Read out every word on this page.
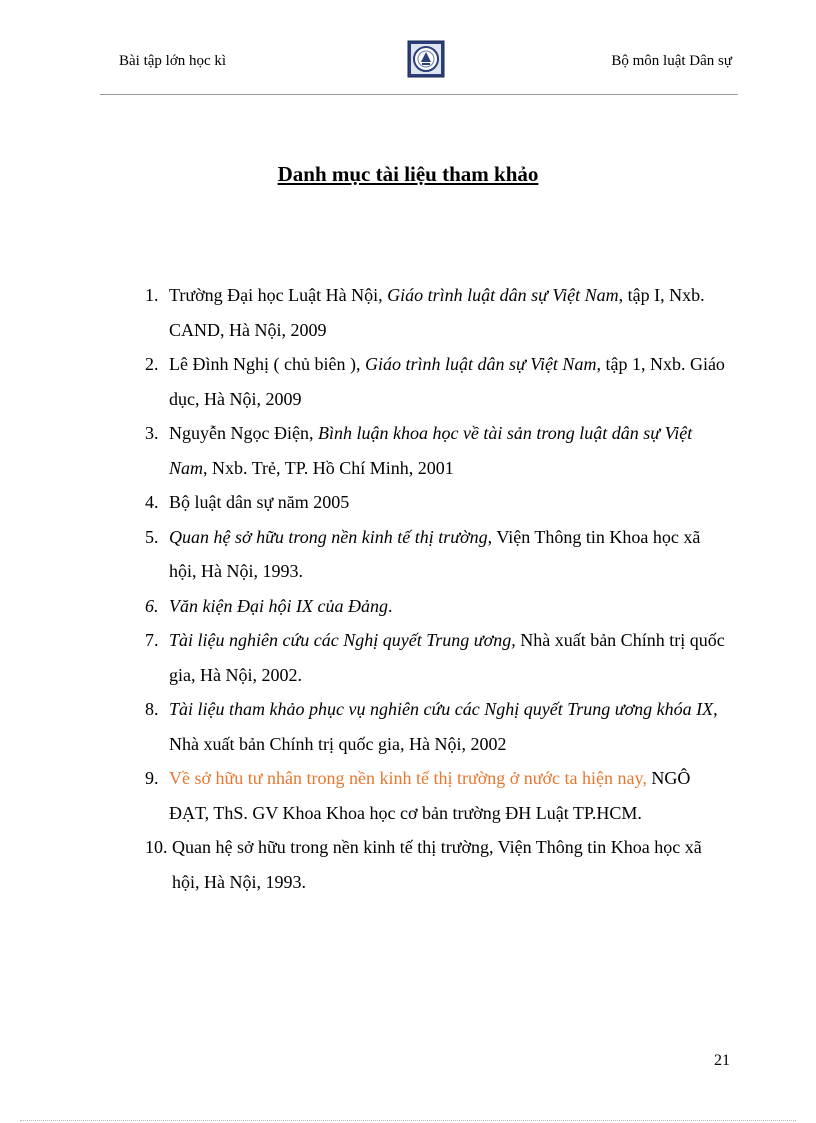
Bài tập lớn học kì	Bộ môn luật Dân sự
Danh mục tài liệu tham khảo
1. Trường Đại học Luật Hà Nội, Giáo trình luật dân sự Việt Nam, tập I, Nxb. CAND, Hà Nội, 2009
2. Lê Đình Nghị ( chủ biên ), Giáo trình luật dân sự Việt Nam, tập 1, Nxb. Giáo dục, Hà Nội, 2009
3. Nguyễn Ngọc Điện, Bình luận khoa học về tài sản trong luật dân sự Việt Nam, Nxb. Trẻ, TP. Hồ Chí Minh, 2001
4. Bộ luật dân sự năm 2005
5. Quan hệ sở hữu trong nền kinh tế thị trường, Viện Thông tin Khoa học xã hội, Hà Nội, 1993.
6. Văn kiện Đại hội IX của Đảng.
7. Tài liệu nghiên cứu các Nghị quyết Trung ương, Nhà xuất bản Chính trị quốc gia, Hà Nội, 2002.
8. Tài liệu tham khảo phục vụ nghiên cứu các Nghị quyết Trung ương khóa IX, Nhà xuất bản Chính trị quốc gia, Hà Nội, 2002
9. Về sở hữu tư nhân trong nền kinh tế thị trường ở nước ta hiện nay, NGÔ ĐẠT, ThS. GV Khoa Khoa học cơ bản trường ĐH Luật TP.HCM.
10. Quan hệ sở hữu trong nền kinh tế thị trường, Viện Thông tin Khoa học xã hội, Hà Nội, 1993.
21
